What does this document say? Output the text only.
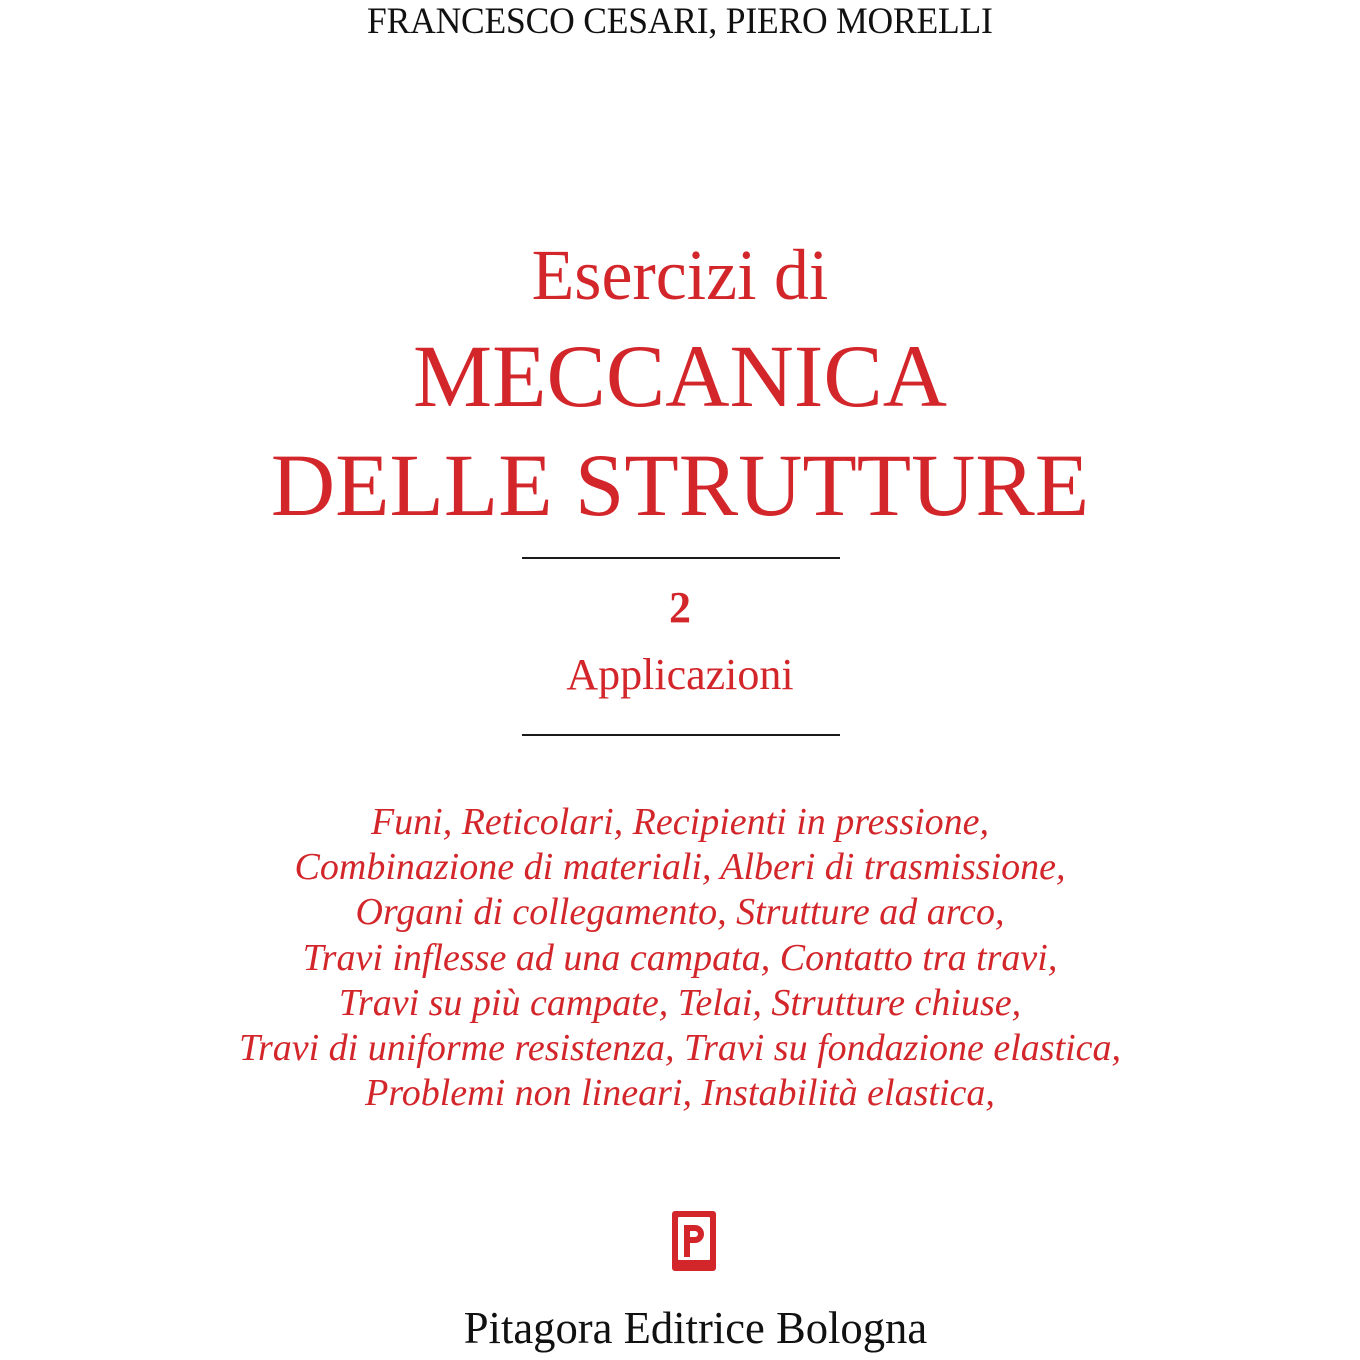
FRANCESCO CESARI, PIERO MORELLI
Esercizi di
MECCANICA
DELLE STRUTTURE
2
Applicazioni
Funi, Reticolari, Recipienti in pressione,
Combinazione di materiali, Alberi di trasmissione,
Organi di collegamento, Strutture ad arco,
Travi inflesse ad una campata, Contatto tra travi,
Travi su più campate, Telai, Strutture chiuse,
Travi di uniforme resistenza, Travi su fondazione elastica,
Problemi non lineari, Instabilità elastica,
Pitagora Editrice Bologna
